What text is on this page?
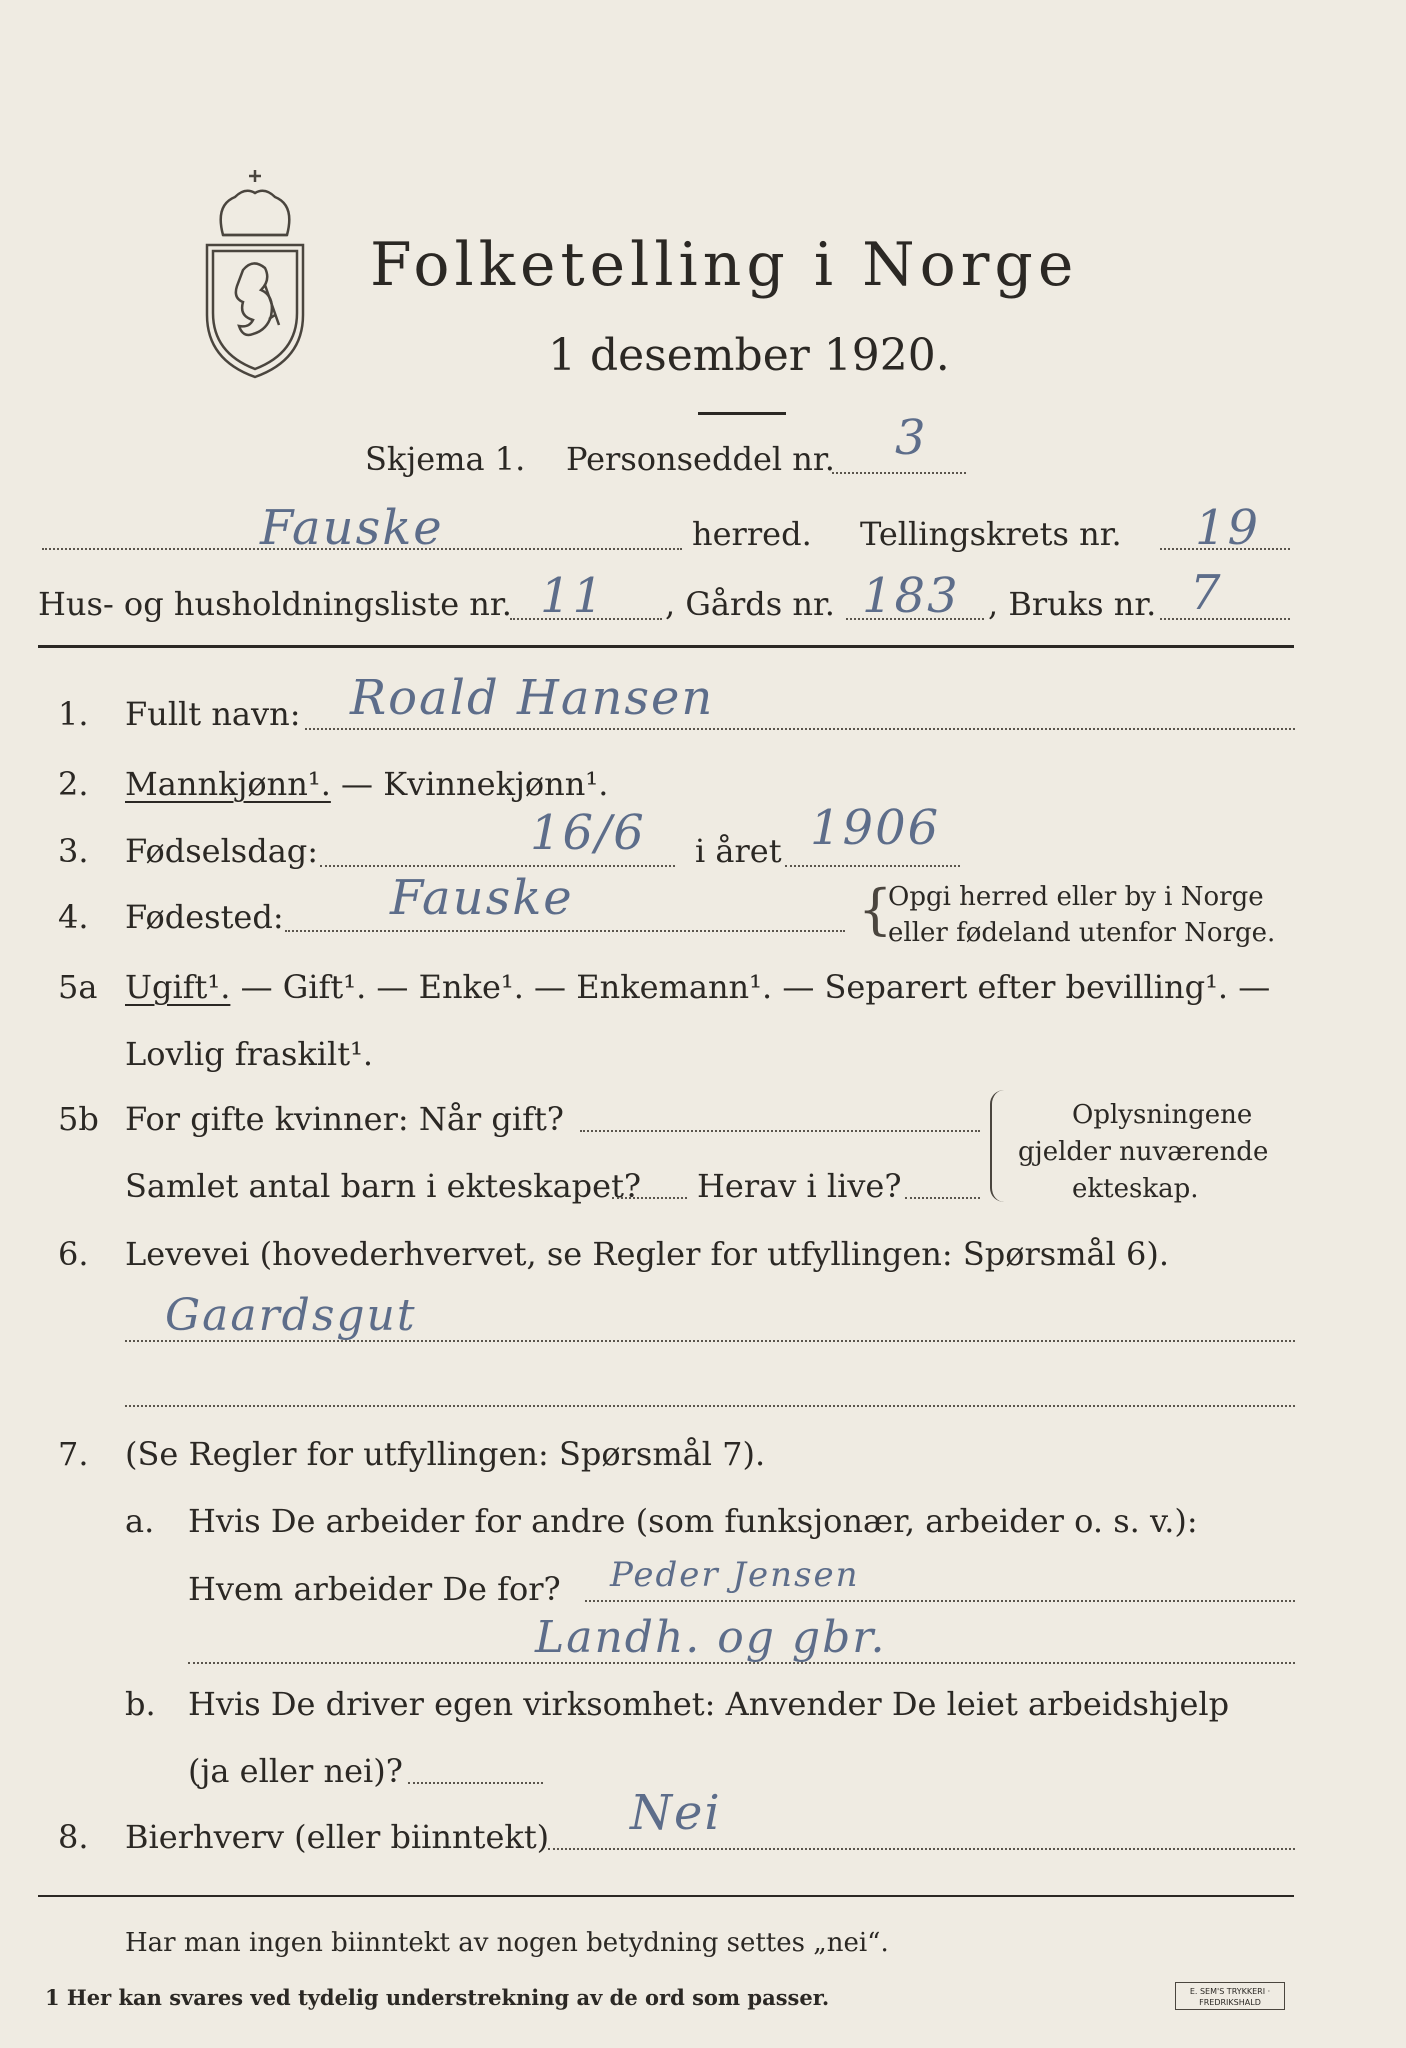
Folketelling i Norge
1 desember 1920.
Skjema 1. Personseddel nr. 3
Fauske	herred. Tellingskrets nr. 19
Hus- og husholdningsliste nr. 11 , Gårds nr. 183 , Bruks nr. 7
1. Fullt navn: Roald Hansen
2. Mannkjønn¹. — Kvinnekjønn¹.
3. Fødselsdag:	16/6 i året 1906
4. Fødested: Fauske	{
Opgi herred eller by i Norge
eller fødeland utenfor Norge.
5a Ugift¹. — Gift¹. — Enke¹. — Enkemann¹. — Separert efter bevilling¹. —
Lovlig fraskilt¹.
5b For gifte kvinner: Når gift?
Samlet antal barn i ekteskapet? Herav i live?
Oplysningene
gjelder nuværende
ekteskap.
6. Levevei (hovederhvervet, se Regler for utfyllingen: Spørsmål 6).
Gaardsgut
7. (Se Regler for utfyllingen: Spørsmål 7).
a. Hvis De arbeider for andre (som funksjonær, arbeider o. s. v.):
Hvem arbeider De for? Peder Jensen
Landh. og gbr.
b. Hvis De driver egen virksomhet: Anvender De leiet arbeidshjelp
(ja eller nei)?
8. Bierhverv (eller biinntekt) Nei
Har man ingen biinntekt av nogen betydning settes „nei“.
1 Her kan svares ved tydelig understrekning av de ord som passer.	E. SEM'S TRYKKERI · FREDRIKSHALD
